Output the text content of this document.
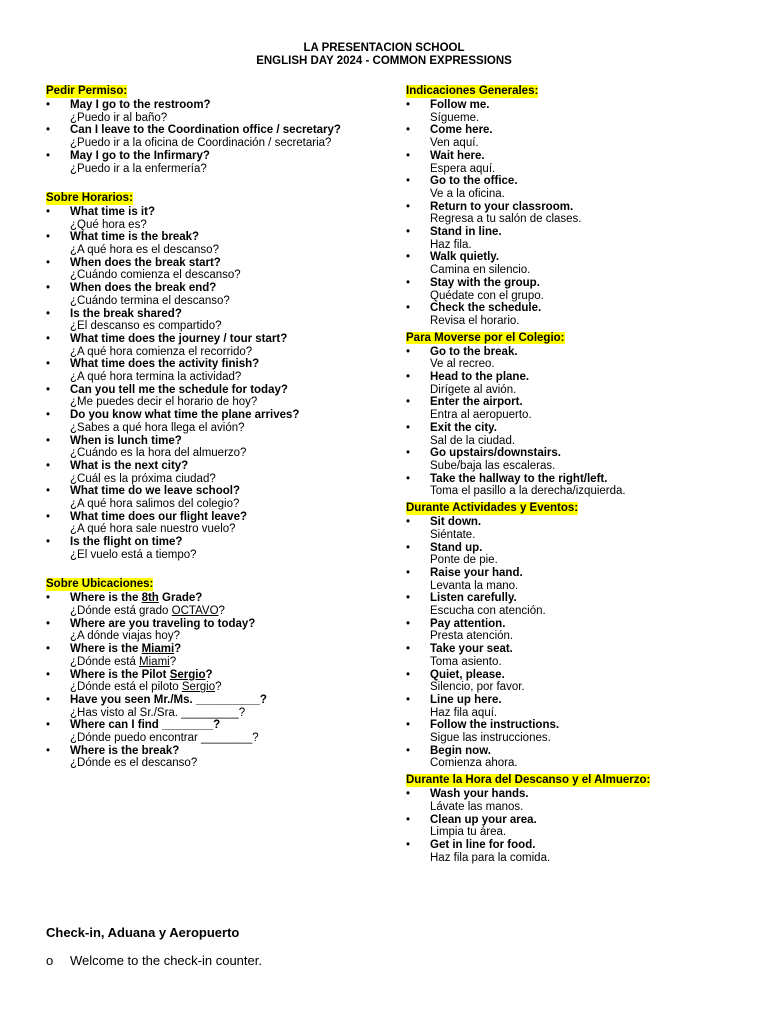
LA PRESENTACION SCHOOL
ENGLISH DAY 2024 - COMMON EXPRESSIONS
Pedir Permiso:
• May I go to the restroom?
¿Puedo ir al baño?
• Can I leave to the Coordination office / secretary?
¿Puedo ir a la oficina de Coordinación / secretaria?
• May I go to the Infirmary?
¿Puedo ir a la enfermería?
Sobre Horarios:
• What time is it?
¿Qué hora es?
• What time is the break?
¿A qué hora es el descanso?
• When does the break start?
¿Cuándo comienza el descanso?
• When does the break end?
¿Cuándo termina el descanso?
• Is the break shared?
¿El descanso es compartido?
• What time does the journey / tour start?
¿A qué hora comienza el recorrido?
• What time does the activity finish?
¿A qué hora termina la actividad?
• Can you tell me the schedule for today?
¿Me puedes decir el horario de hoy?
• Do you know what time the plane arrives?
¿Sabes a qué hora llega el avión?
• When is lunch time?
¿Cuándo es la hora del almuerzo?
• What is the next city?
¿Cuál es la próxima ciudad?
• What time do we leave school?
¿A qué hora salimos del colegio?
• What time does our flight leave?
¿A qué hora sale nuestro vuelo?
• Is the flight on time?
¿El vuelo está a tiempo?
Sobre Ubicaciones:
• Where is the 8th Grade?
¿Dónde está grado OCTAVO?
• Where are you traveling to today?
¿A dónde viajas hoy?
• Where is the Miami?
¿Dónde está Miami?
• Where is the Pilot Sergio?
¿Dónde está el piloto Sergio?
• Have you seen Mr./Ms. __________?
¿Has visto al Sr./Sra. _________?
• Where can I find ________?
¿Dónde puedo encontrar ________?
• Where is the break?
¿Dónde es el descanso?
Indicaciones Generales:
• Follow me.
Sígueme.
• Come here.
Ven aquí.
• Wait here.
Espera aquí.
• Go to the office.
Ve a la oficina.
• Return to your classroom.
Regresa a tu salón de clases.
• Stand in line.
Haz fila.
• Walk quietly.
Camina en silencio.
• Stay with the group.
Quédate con el grupo.
• Check the schedule.
Revisa el horario.
Para Moverse por el Colegio:
• Go to the break.
Ve al recreo.
• Head to the plane.
Dirígete al avión.
• Enter the airport.
Entra al aeropuerto.
• Exit the city.
Sal de la ciudad.
• Go upstairs/downstairs.
Sube/baja las escaleras.
• Take the hallway to the right/left.
Toma el pasillo a la derecha/izquierda.
Durante Actividades y Eventos:
• Sit down.
Siéntate.
• Stand up.
Ponte de pie.
• Raise your hand.
Levanta la mano.
• Listen carefully.
Escucha con atención.
• Pay attention.
Presta atención.
• Take your seat.
Toma asiento.
• Quiet, please.
Silencio, por favor.
• Line up here.
Haz fila aquí.
• Follow the instructions.
Sigue las instrucciones.
• Begin now.
Comienza ahora.
Durante la Hora del Descanso y el Almuerzo:
• Wash your hands.
Lávate las manos.
• Clean up your area.
Limpia tu área.
• Get in line for food.
Haz fila para la comida.
Check-in, Aduana y Aeropuerto
o Welcome to the check-in counter.
